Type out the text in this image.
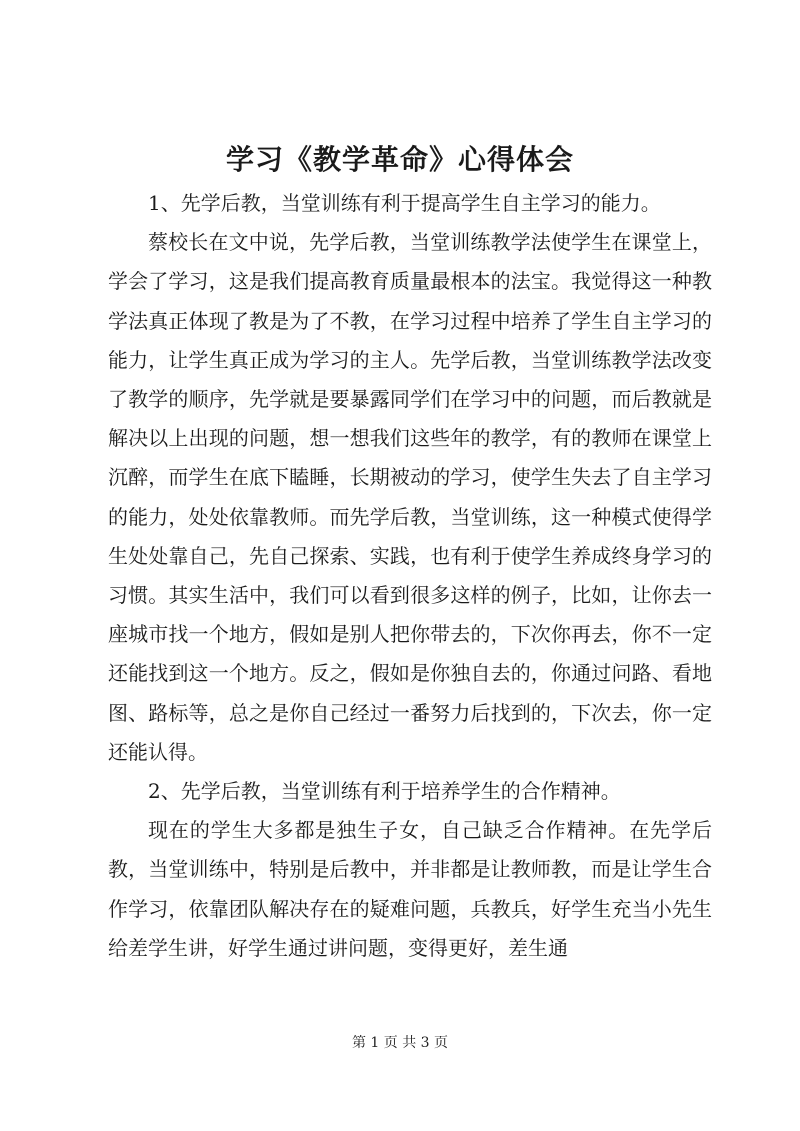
学习《教学革命》心得体会

1、先学后教，当堂训练有利于提高学生自主学习的能力。

蔡校长在文中说，先学后教，当堂训练教学法使学生在课堂上，学会了学习，这是我们提高教育质量最根本的法宝。我觉得这一种教学法真正体现了教是为了不教，在学习过程中培养了学生自主学习的能力，让学生真正成为学习的主人。先学后教，当堂训练教学法改变了教学的顺序，先学就是要暴露同学们在学习中的问题，而后教就是解决以上出现的问题，想一想我们这些年的教学，有的教师在课堂上沉醉，而学生在底下瞌睡，长期被动的学习，使学生失去了自主学习的能力，处处依靠教师。而先学后教，当堂训练，这一种模式使得学生处处靠自己，先自己探索、实践，也有利于使学生养成终身学习的习惯。其实生活中，我们可以看到很多这样的例子，比如，让你去一座城市找一个地方，假如是别人把你带去的，下次你再去，你不一定还能找到这一个地方。反之，假如是你独自去的，你通过问路、看地图、路标等，总之是你自己经过一番努力后找到的，下次去，你一定还能认得。

2、先学后教，当堂训练有利于培养学生的合作精神。

现在的学生大多都是独生子女，自己缺乏合作精神。在先学后教，当堂训练中，特别是后教中，并非都是让教师教，而是让学生合作学习，依靠团队解决存在的疑难问题，兵教兵，好学生充当小先生给差学生讲，好学生通过讲问题，变得更好，差生通

第 1 页 共 3 页
